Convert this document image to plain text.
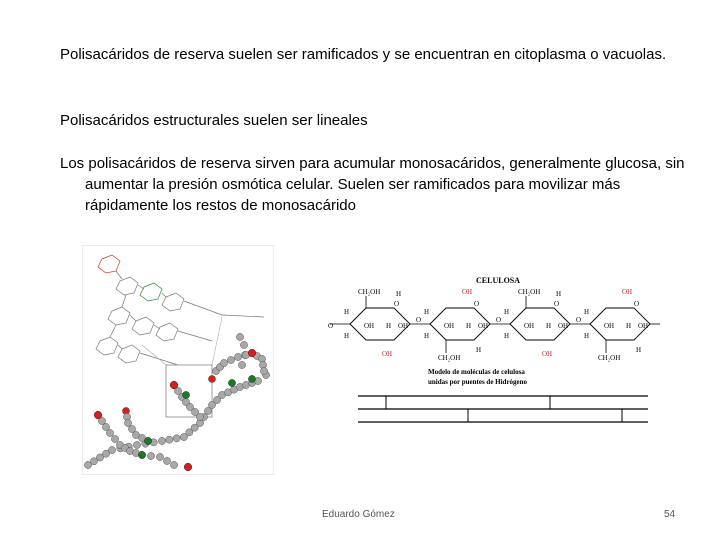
Polisacáridos de reserva suelen ser ramificados y se encuentran en citoplasma o vacuolas.

Polisacáridos estructurales suelen ser lineales

Los polisacáridos de reserva sirven para acumular monosacáridos, generalmente glucosa, sin aumentar la presión osmótica celular. Suelen ser ramificados para movilizar más rápidamente los restos de monosacárido

CELULOSA
O
CH₂OH
H
H
OH H
H
OH
OH
O
O
CH₂OH
H
H
OH H
H
OH
OH
O
O
CH₂OH
H
H
OH H
H
OH
OH
O
O
CH₂OH
H
H
OH H
H
OH
OH
O
Modelo de moléculas de celulosa
unidas por puentes de Hidrógeno
Eduardo Gómez	54
